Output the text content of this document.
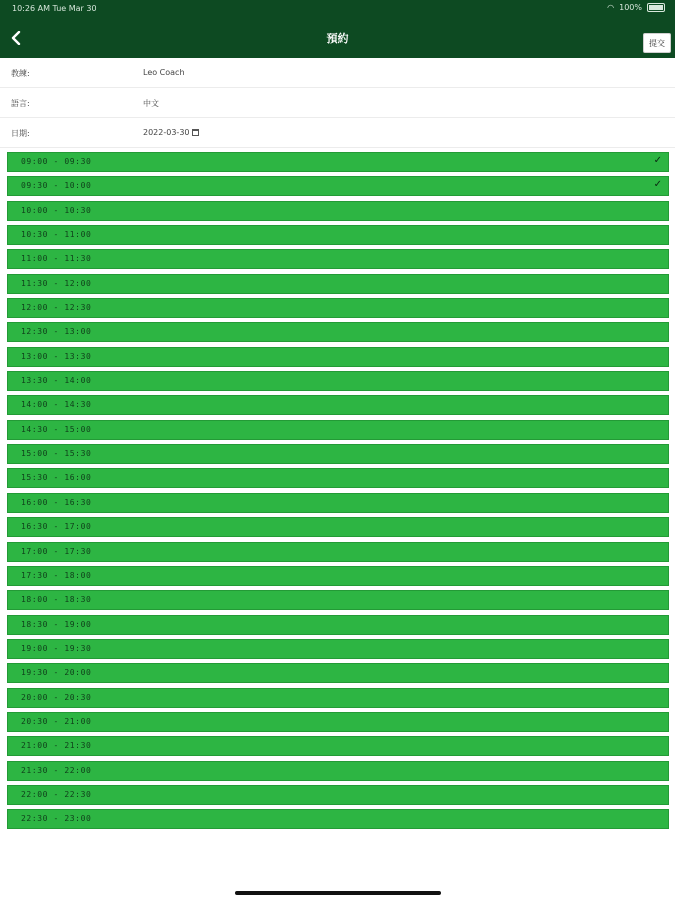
10:26 AM Tue Mar 30	◠ 100%
預約	提交
教練:	Leo Coach
語言:	中文
日期:	2022-03-30
09:00 - 09:30	✓
09:30 - 10:00	✓
10:00 - 10:30
10:30 - 11:00
11:00 - 11:30
11:30 - 12:00
12:00 - 12:30
12:30 - 13:00
13:00 - 13:30
13:30 - 14:00
14:00 - 14:30
14:30 - 15:00
15:00 - 15:30
15:30 - 16:00
16:00 - 16:30
16:30 - 17:00
17:00 - 17:30
17:30 - 18:00
18:00 - 18:30
18:30 - 19:00
19:00 - 19:30
19:30 - 20:00
20:00 - 20:30
20:30 - 21:00
21:00 - 21:30
21:30 - 22:00
22:00 - 22:30
22:30 - 23:00
